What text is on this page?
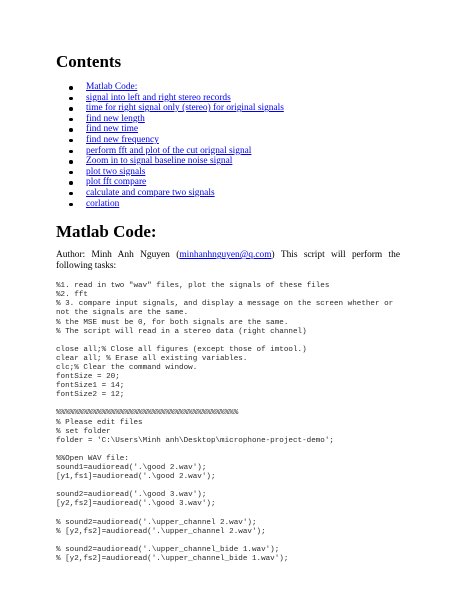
Contents
Matlab Code:
signal into left and right stereo records
time for right signal only (stereo) for original signals
find new length
find new time
find new frequency
perform fft and plot of the cut orignal signal
Zoom in to signal baseline noise signal
plot two signals
plot fft compare
calculate and compare two signals
corlation
Matlab Code:

Author: Minh Anh Nguyen (minhanhnguyen@q.com) This script will perform the following tasks:

%1. read in two "wav" files, plot the signals of these files
%2. fft
% 3. compare input signals, and display a message on the screen whether or
not the signals are the same.
% the MSE must be 0, for both signals are the same.
% The script will read in a stereo data (right channel)
close all;% Close all figures (except those of imtool.)
clear all; % Erase all existing variables.
clc;% Clear the command window.
fontSize = 20;
fontSize1 = 14;
fontSize2 = 12;
%%%%%%%%%%%%%%%%%%%%%%%%%%%%%%%%%%%%%%%%
% Please edit files
% set folder
folder = 'C:\Users\Minh anh\Desktop\microphone-project-demo';
%%Open WAV file:
sound1=audioread('.\good 2.wav');
[y1,fs1]=audioread('.\good 2.wav');
sound2=audioread('.\good 3.wav');
[y2,fs2]=audioread('.\good 3.wav');
% sound2=audioread('.\upper_channel 2.wav');
% [y2,fs2]=audioread('.\upper_channel 2.wav');
% sound2=audioread('.\upper_channel_bide 1.wav');
% [y2,fs2]=audioread('.\upper_channel_bide 1.wav');
